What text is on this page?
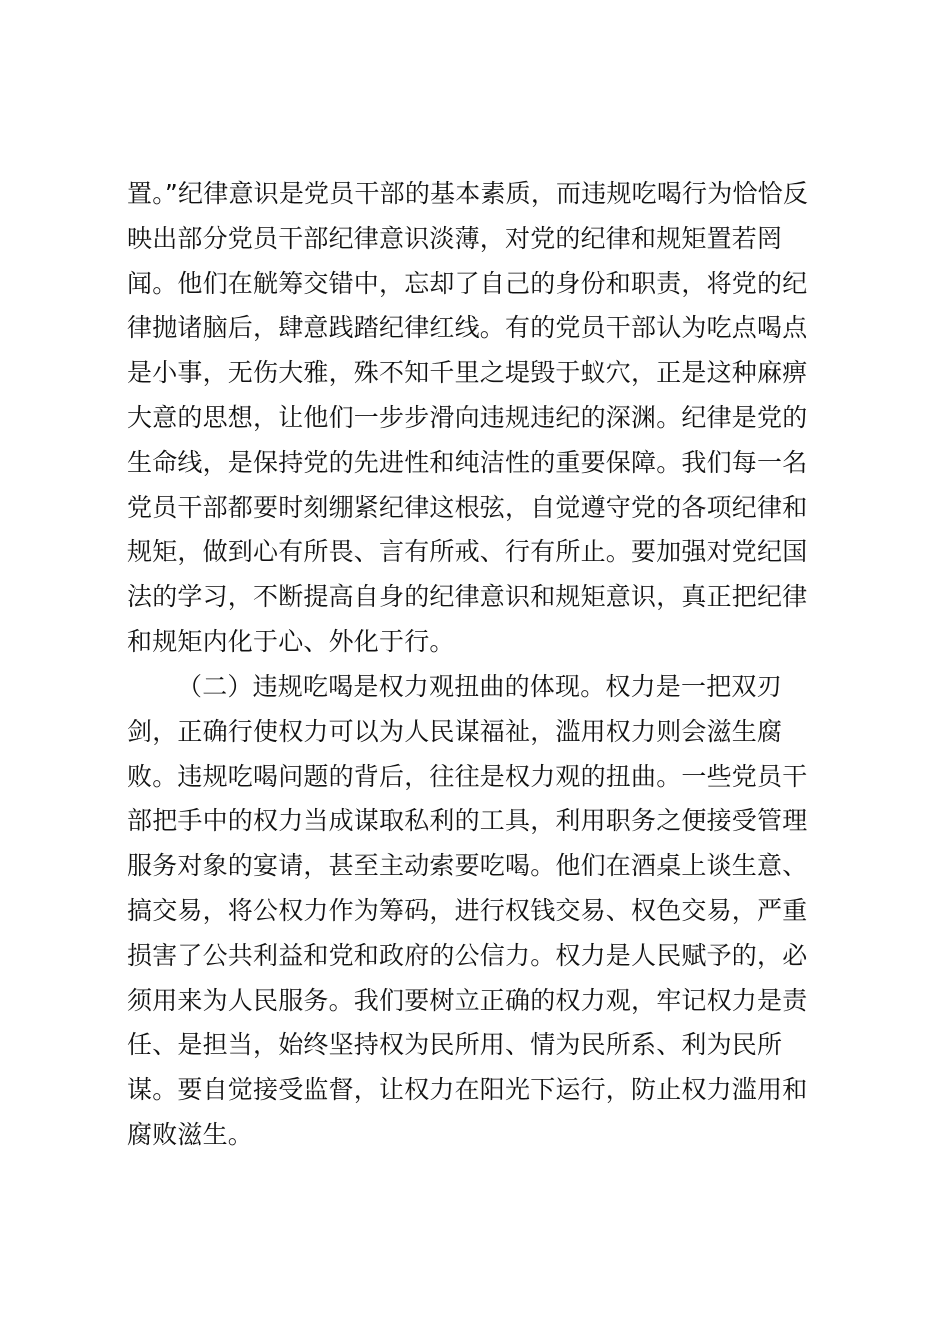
置。”纪律意识是党员干部的基本素质，而违规吃喝行为恰恰反
映出部分党员干部纪律意识淡薄，对党的纪律和规矩置若罔
闻。他们在觥筹交错中，忘却了自己的身份和职责，将党的纪
律抛诸脑后，肆意践踏纪律红线。有的党员干部认为吃点喝点
是小事，无伤大雅，殊不知千里之堤毁于蚁穴，正是这种麻痹
大意的思想，让他们一步步滑向违规违纪的深渊。纪律是党的
生命线，是保持党的先进性和纯洁性的重要保障。我们每一名
党员干部都要时刻绷紧纪律这根弦，自觉遵守党的各项纪律和
规矩，做到心有所畏、言有所戒、行有所止。要加强对党纪国
法的学习，不断提高自身的纪律意识和规矩意识，真正把纪律
和规矩内化于心、外化于行。
（二）违规吃喝是权力观扭曲的体现。权力是一把双刃
剑，正确行使权力可以为人民谋福祉，滥用权力则会滋生腐
败。违规吃喝问题的背后，往往是权力观的扭曲。一些党员干
部把手中的权力当成谋取私利的工具，利用职务之便接受管理
服务对象的宴请，甚至主动索要吃喝。他们在酒桌上谈生意、
搞交易，将公权力作为筹码，进行权钱交易、权色交易，严重
损害了公共利益和党和政府的公信力。权力是人民赋予的，必
须用来为人民服务。我们要树立正确的权力观，牢记权力是责
任、是担当，始终坚持权为民所用、情为民所系、利为民所
谋。要自觉接受监督，让权力在阳光下运行，防止权力滥用和
腐败滋生。
